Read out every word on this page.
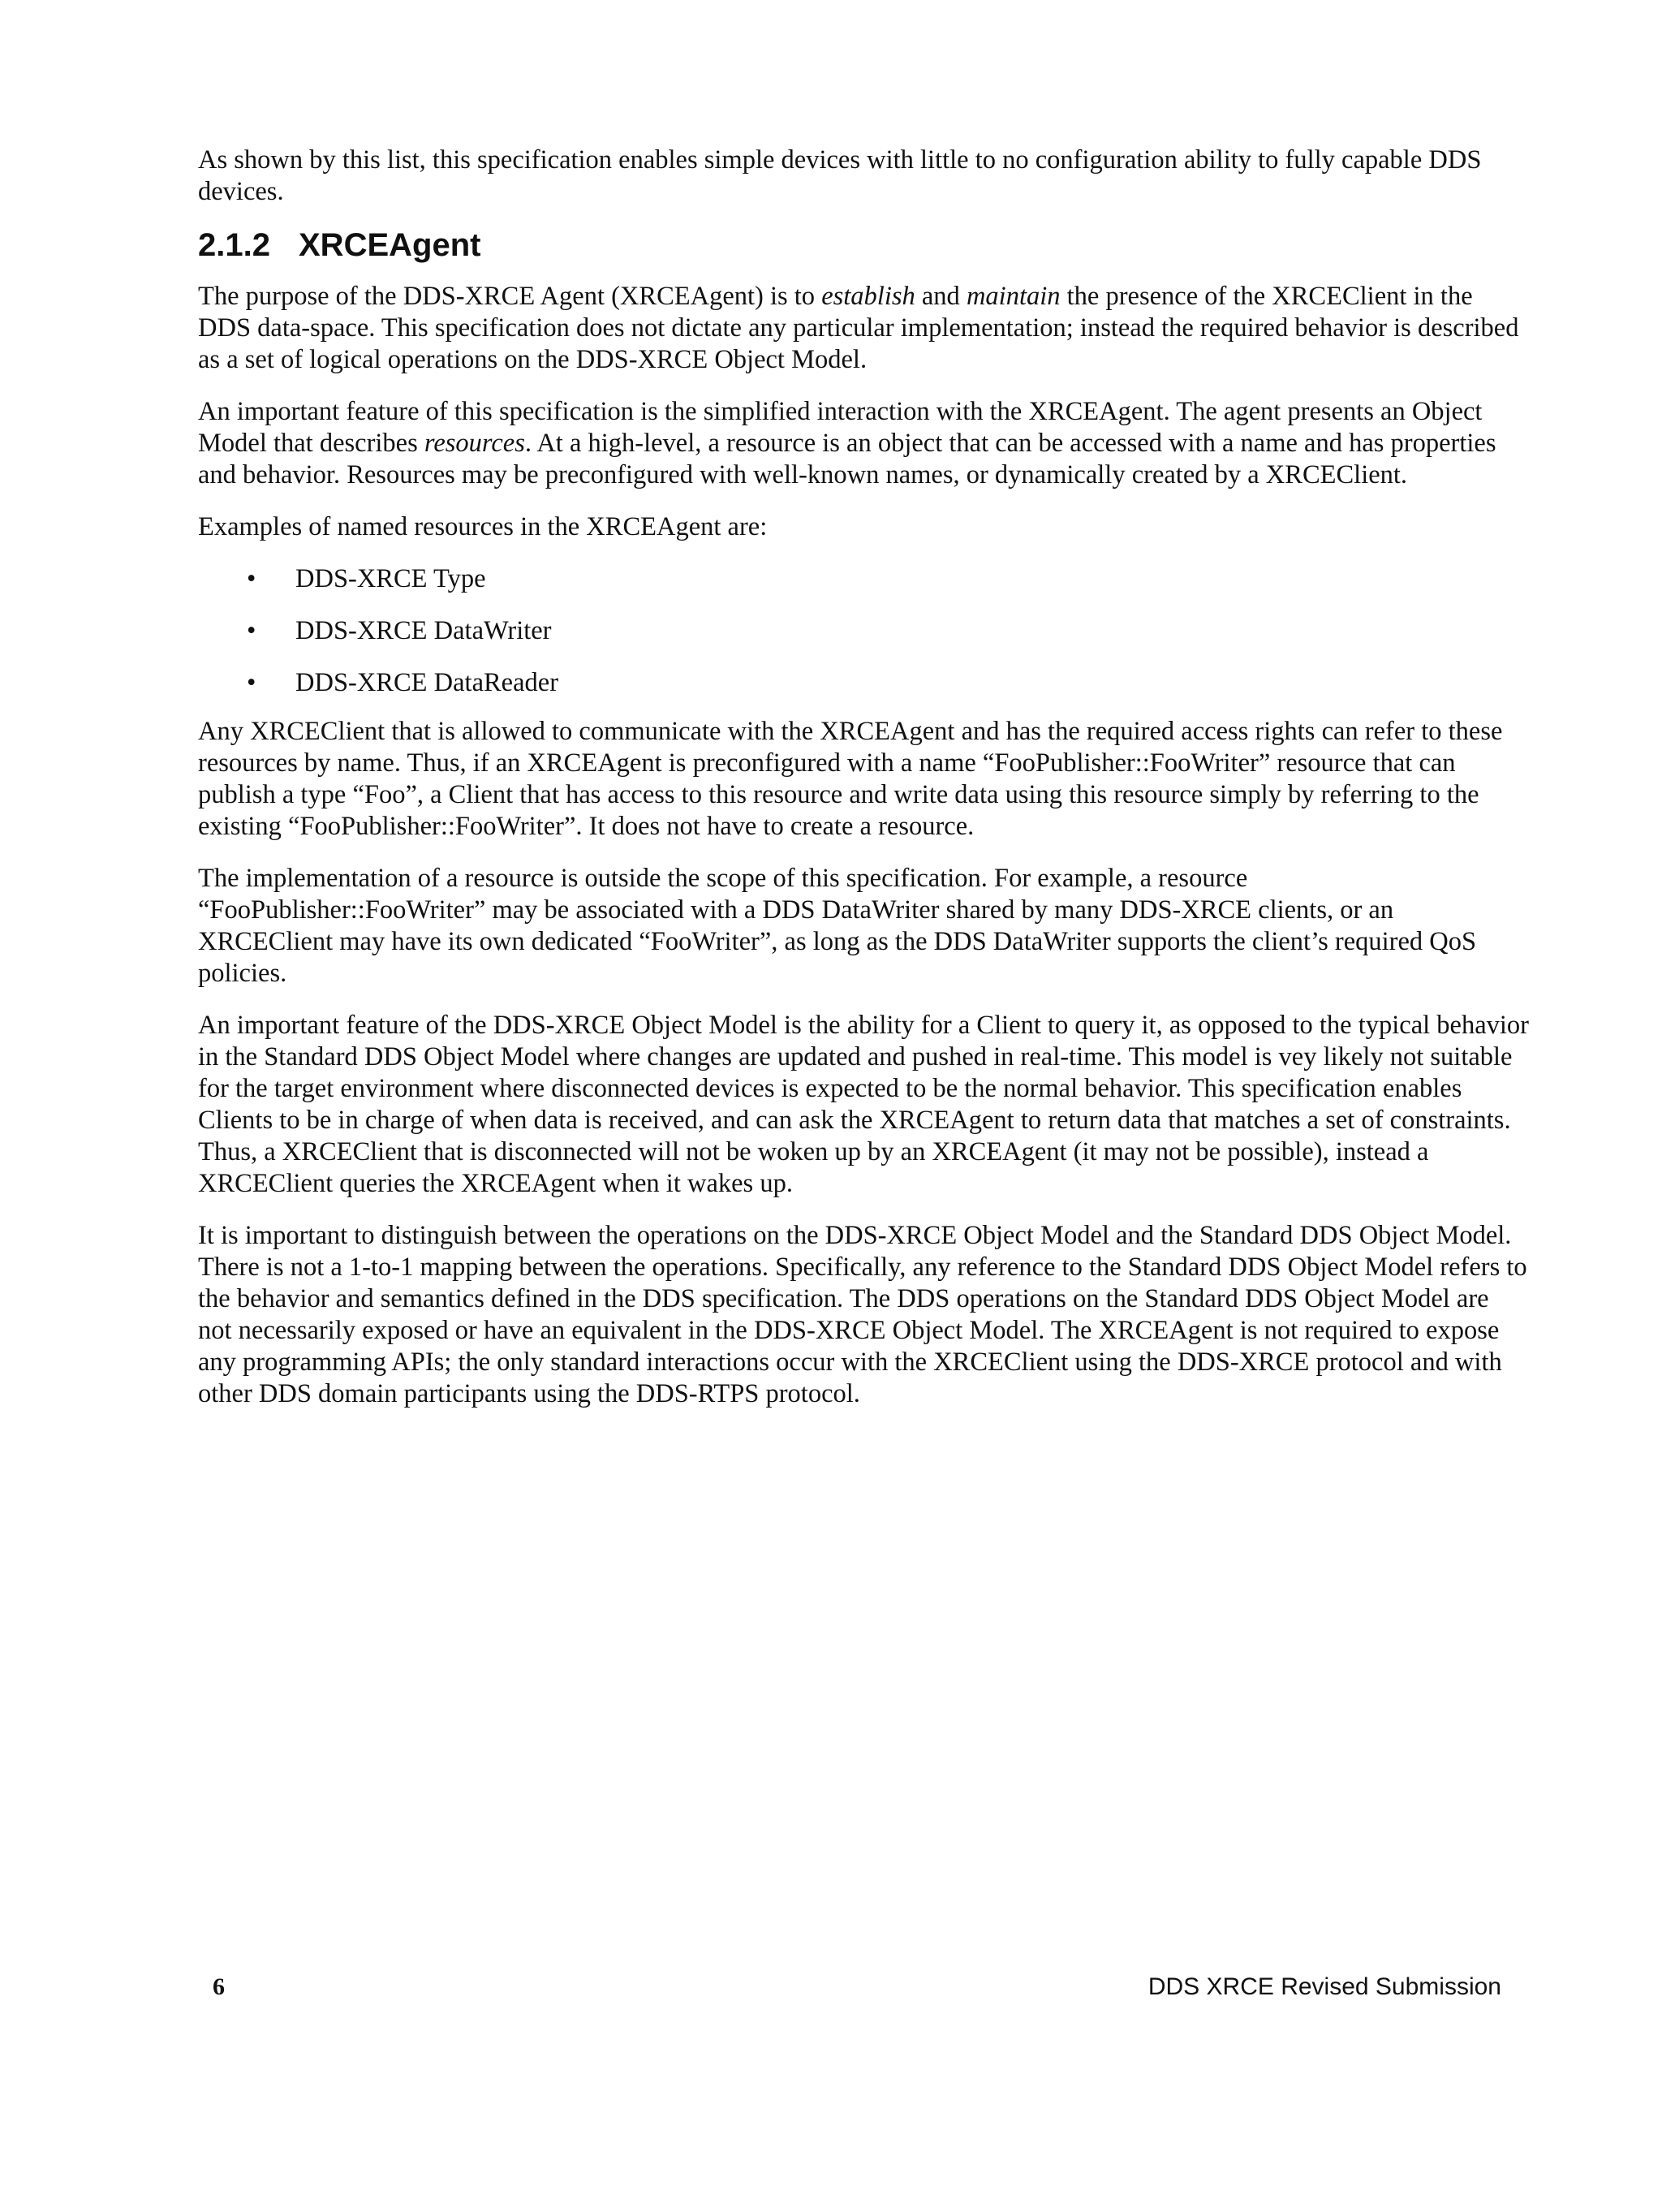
As shown by this list, this specification enables simple devices with little to no configuration ability to fully capable DDS devices.

2.1.2 XRCEAgent

The purpose of the DDS-XRCE Agent (XRCEAgent) is to establish and maintain the presence of the XRCEClient in the DDS data-space. This specification does not dictate any particular implementation; instead the required behavior is described as a set of logical operations on the DDS-XRCE Object Model.

An important feature of this specification is the simplified interaction with the XRCEAgent. The agent presents an Object Model that describes resources. At a high-level, a resource is an object that can be accessed with a name and has properties and behavior. Resources may be preconfigured with well-known names, or dynamically created by a XRCEClient.

Examples of named resources in the XRCEAgent are:

• DDS-XRCE Type
• DDS-XRCE DataWriter
• DDS-XRCE DataReader

Any XRCEClient that is allowed to communicate with the XRCEAgent and has the required access rights can refer to these resources by name. Thus, if an XRCEAgent is preconfigured with a name “FooPublisher::FooWriter” resource that can publish a type “Foo”, a Client that has access to this resource and write data using this resource simply by referring to the existing “FooPublisher::FooWriter”. It does not have to create a resource.

The implementation of a resource is outside the scope of this specification. For example, a resource “FooPublisher::FooWriter” may be associated with a DDS DataWriter shared by many DDS-XRCE clients, or an XRCEClient may have its own dedicated “FooWriter”, as long as the DDS DataWriter supports the client’s required QoS policies.

An important feature of the DDS-XRCE Object Model is the ability for a Client to query it, as opposed to the typical behavior in the Standard DDS Object Model where changes are updated and pushed in real-time. This model is vey likely not suitable for the target environment where disconnected devices is expected to be the normal behavior. This specification enables Clients to be in charge of when data is received, and can ask the XRCEAgent to return data that matches a set of constraints. Thus, a XRCEClient that is disconnected will not be woken up by an XRCEAgent (it may not be possible), instead a XRCEClient queries the XRCEAgent when it wakes up.

It is important to distinguish between the operations on the DDS-XRCE Object Model and the Standard DDS Object Model. There is not a 1-to-1 mapping between the operations. Specifically, any reference to the Standard DDS Object Model refers to the behavior and semantics defined in the DDS specification. The DDS operations on the Standard DDS Object Model are not necessarily exposed or have an equivalent in the DDS-XRCE Object Model. The XRCEAgent is not required to expose any programming APIs; the only standard interactions occur with the XRCEClient using the DDS-XRCE protocol and with other DDS domain participants using the DDS-RTPS protocol.

6	DDS XRCE Revised Submission
